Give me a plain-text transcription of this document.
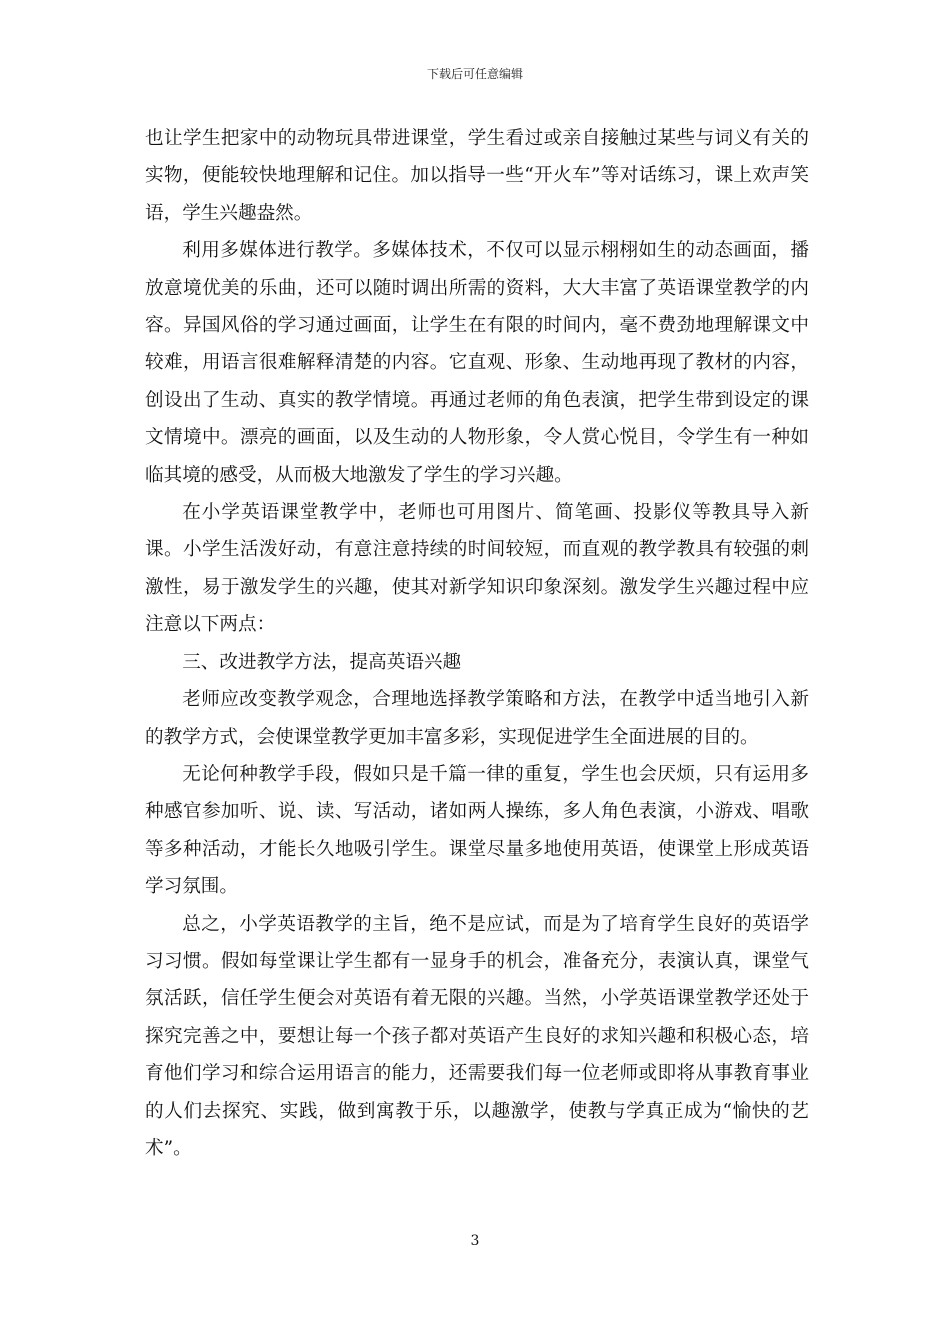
下载后可任意编辑

也让学生把家中的动物玩具带进课堂，学生看过或亲自接触过某些与词义有关的实物，便能较快地理解和记住。加以指导一些“开火车”等对话练习，课上欢声笑语，学生兴趣盎然。

利用多媒体进行教学。多媒体技术，不仅可以显示栩栩如生的动态画面，播放意境优美的乐曲，还可以随时调出所需的资料，大大丰富了英语课堂教学的内容。异国风俗的学习通过画面，让学生在有限的时间内，毫不费劲地理解课文中较难，用语言很难解释清楚的内容。它直观、形象、生动地再现了教材的内容，创设出了生动、真实的教学情境。再通过老师的角色表演，把学生带到设定的课文情境中。漂亮的画面，以及生动的人物形象，令人赏心悦目，令学生有一种如临其境的感受，从而极大地激发了学生的学习兴趣。

在小学英语课堂教学中，老师也可用图片、简笔画、投影仪等教具导入新课。小学生活泼好动，有意注意持续的时间较短，而直观的教学教具有较强的刺激性，易于激发学生的兴趣，使其对新学知识印象深刻。激发学生兴趣过程中应注意以下两点：

三、改进教学方法，提高英语兴趣

老师应改变教学观念，合理地选择教学策略和方法，在教学中适当地引入新的教学方式，会使课堂教学更加丰富多彩，实现促进学生全面进展的目的。

无论何种教学手段，假如只是千篇一律的重复，学生也会厌烦，只有运用多种感官参加听、说、读、写活动，诸如两人操练，多人角色表演，小游戏、唱歌等多种活动，才能长久地吸引学生。课堂尽量多地使用英语，使课堂上形成英语学习氛围。

总之，小学英语教学的主旨，绝不是应试，而是为了培育学生良好的英语学习习惯。假如每堂课让学生都有一显身手的机会，准备充分，表演认真，课堂气氛活跃，信任学生便会对英语有着无限的兴趣。当然，小学英语课堂教学还处于探究完善之中，要想让每一个孩子都对英语产生良好的求知兴趣和积极心态，培育他们学习和综合运用语言的能力，还需要我们每一位老师或即将从事教育事业的人们去探究、实践，做到寓教于乐，以趣激学，使教与学真正成为“愉快的艺术”。

3
